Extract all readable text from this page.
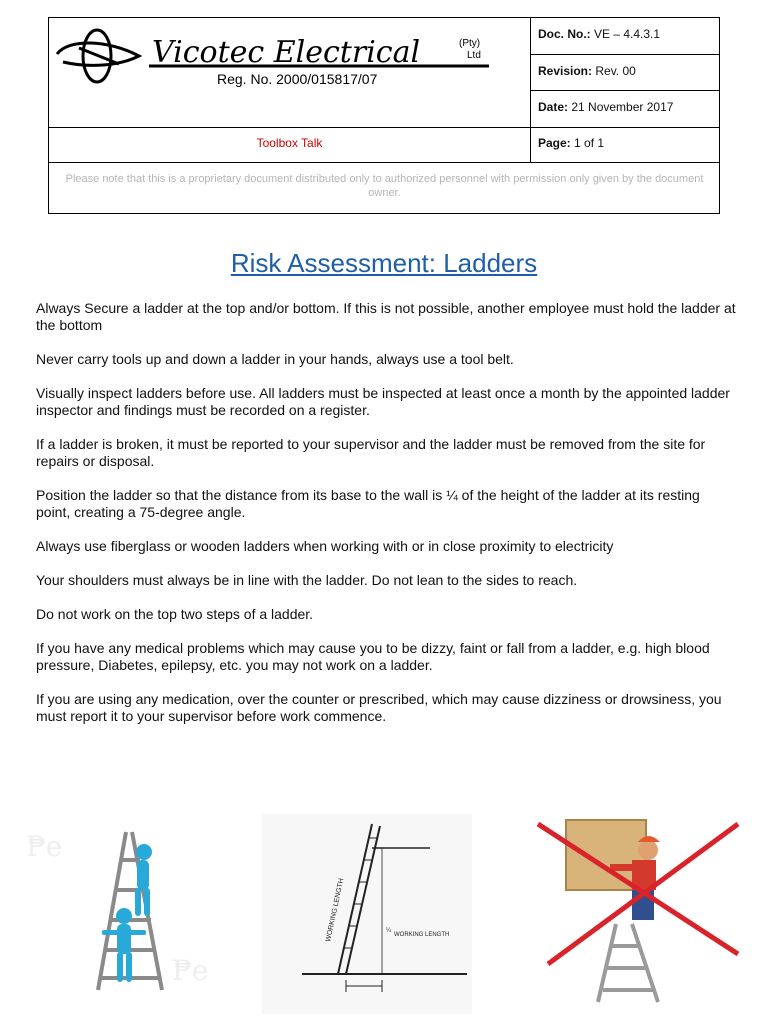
Vicotec Electrical	(Pty)
Ltd
Reg. No. 2000/015817/07
Doc. No.: VE – 4.4.3.1
Revision: Rev. 00
Date: 21 November 2017
Toolbox Talk	Page: 1 of 1
Please note that this is a proprietary document distributed only to authorized personnel with permission only given by the document owner.
Risk Assessment: Ladders

Always Secure a ladder at the top and/or bottom. If this is not possible, another employee must hold the ladder at the bottom

Never carry tools up and down a ladder in your hands, always use a tool belt.

Visually inspect ladders before use. All ladders must be inspected at least once a month by the appointed ladder inspector and findings must be recorded on a register.

If a ladder is broken, it must be reported to your supervisor and the ladder must be removed from the site for repairs or disposal.

Position the ladder so that the distance from its base to the wall is ¼ of the height of the ladder at its resting point, creating a 75-degree angle.

Always use fiberglass or wooden ladders when working with or in close proximity to electricity

Your shoulders must always be in line with the ladder. Do not lean to the sides to reach.

Do not work on the top two steps of a ladder.

If you have any medical problems which may cause you to be dizzy, faint or fall from a ladder, e.g. high blood pressure, Diabetes, epilepsy, etc. you may not work on a ladder.

If you are using any medication, over the counter or prescribed, which may cause dizziness or drowsiness, you must report it to your supervisor before work commence.

₱e
₱e
WORKING LENGTH	¼
WORKING LENGTH
